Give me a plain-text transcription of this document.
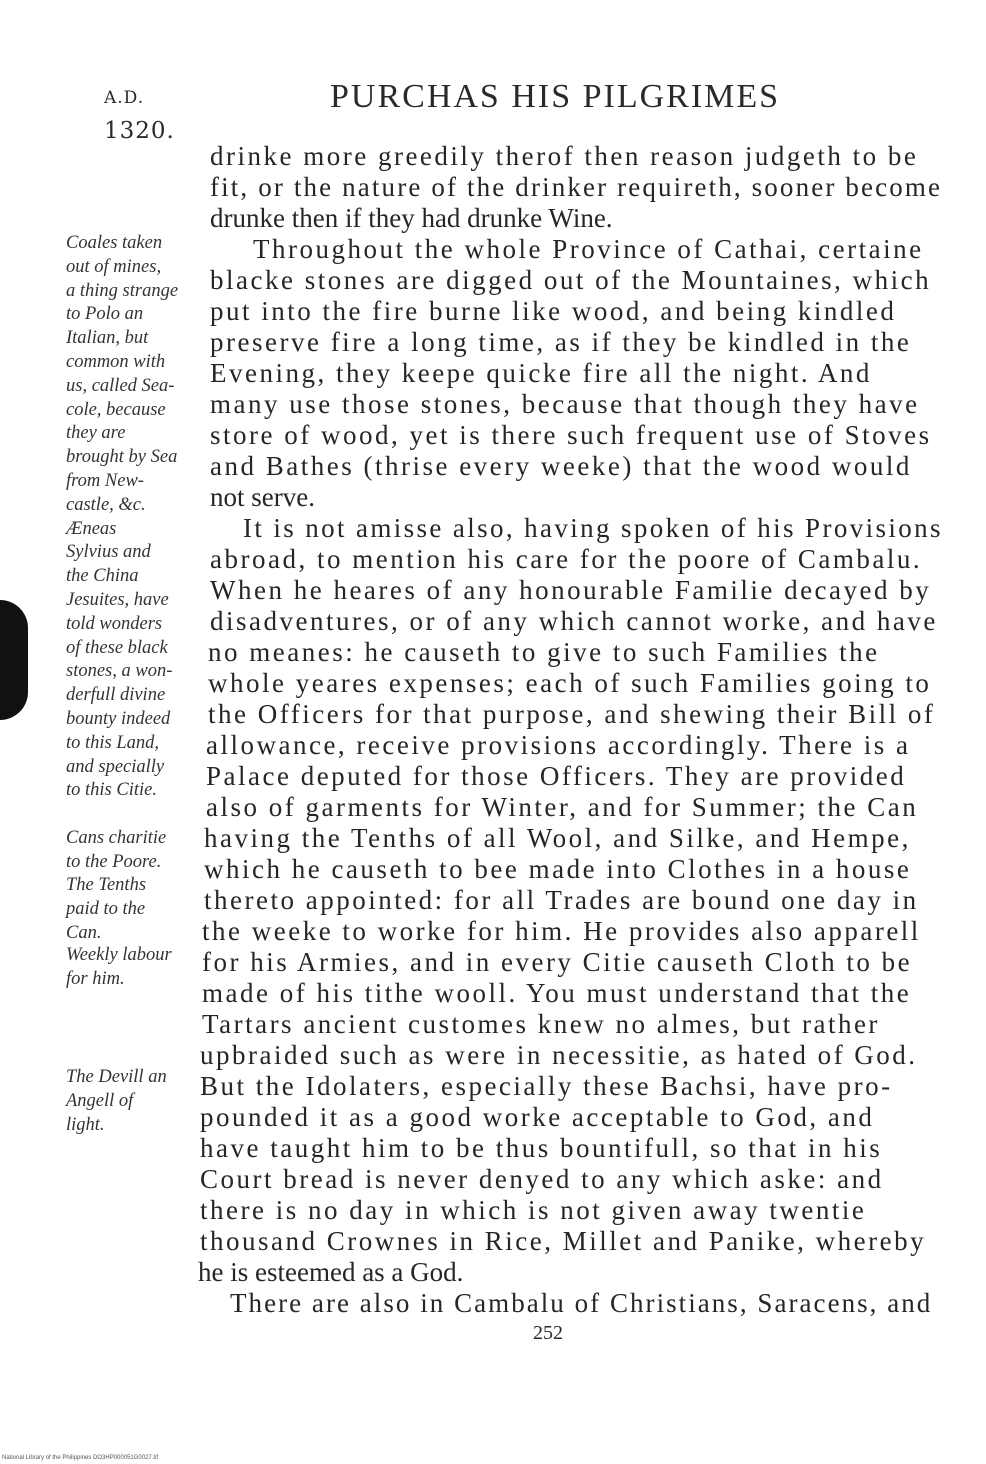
A.D.
1320.
PURCHAS HIS PILGRIMES
drinke more greedily therof then reason judgeth to be
fit, or the nature of the drinker requireth, sooner become
drunke then if they had drunke Wine.
Throughout the whole Province of Cathai, certaine
blacke stones are digged out of the Mountaines, which
put into the fire burne like wood, and being kindled
preserve fire a long time, as if they be kindled in the
Evening, they keepe quicke fire all the night. And
many use those stones, because that though they have
store of wood, yet is there such frequent use of Stoves
and Bathes (thrise every weeke) that the wood would
not serve.
It is not amisse also, having spoken of his Provisions
abroad, to mention his care for the poore of Cambalu.
When he heares of any honourable Familie decayed by
disadventures, or of any which cannot worke, and have
no meanes: he causeth to give to such Families the
whole yeares expenses; each of such Families going to
the Officers for that purpose, and shewing their Bill of
allowance, receive provisions accordingly. There is a
Palace deputed for those Officers. They are provided
also of garments for Winter, and for Summer; the Can
having the Tenths of all Wool, and Silke, and Hempe,
which he causeth to bee made into Clothes in a house
thereto appointed: for all Trades are bound one day in
the weeke to worke for him. He provides also apparell
for his Armies, and in every Citie causeth Cloth to be
made of his tithe wooll. You must understand that the
Tartars ancient customes knew no almes, but rather
upbraided such as were in necessitie, as hated of God.
But the Idolaters, especially these Bachsi, have pro-
pounded it as a good worke acceptable to God, and
have taught him to be thus bountifull, so that in his
Court bread is never denyed to any which aske: and
there is no day in which is not given away twentie
thousand Crownes in Rice, Millet and Panike, whereby
he is esteemed as a God.
There are also in Cambalu of Christians, Saracens, and
Coales taken
out of mines,
a thing strange
to Polo an
Italian, but
common with
us, called Sea-
cole, because
they are
brought by Sea
from New-
castle, &c.
Æneas
Sylvius and
the China
Jesuites, have
told wonders
of these black
stones, a won-
derfull divine
bounty indeed
to this Land,
and specially
to this Citie.
Cans charitie
to the Poore.
The Tenths
paid to the
Can.
Weekly labour
for him.
The Devill an
Angell of
light.
252
National Library of the Philippines DO3HP000051G0027.tif
